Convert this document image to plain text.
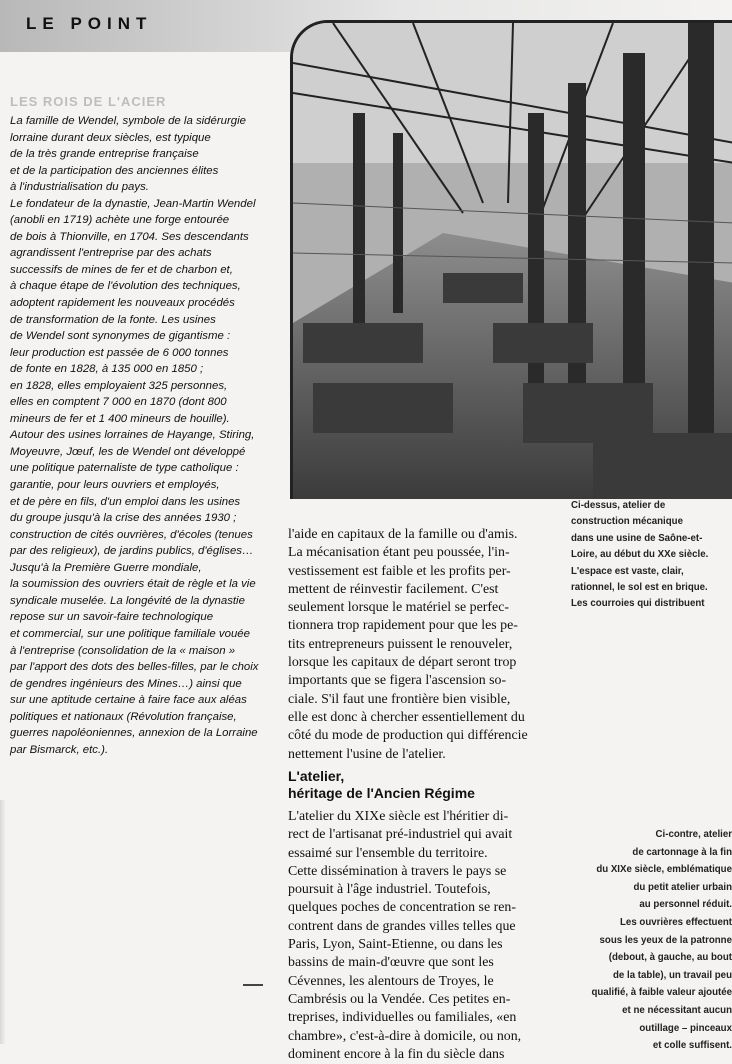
LE POINT
LES ROIS DE L'ACIER
La famille de Wendel, symbole de la sidérurgie
lorraine durant deux siècles, est typique
de la très grande entreprise française
et de la participation des anciennes élites
à l'industrialisation du pays.
Le fondateur de la dynastie, Jean-Martin Wendel
(anobli en 1719) achète une forge entourée
de bois à Thionville, en 1704. Ses descendants
agrandissent l'entreprise par des achats
successifs de mines de fer et de charbon et,
à chaque étape de l'évolution des techniques,
adoptent rapidement les nouveaux procédés
de transformation de la fonte. Les usines
de Wendel sont synonymes de gigantisme :
leur production est passée de 6 000 tonnes
de fonte en 1828, à 135 000 en 1850 ;
en 1828, elles employaient 325 personnes,
elles en comptent 7 000 en 1870 (dont 800
mineurs de fer et 1 400 mineurs de houille).
Autour des usines lorraines de Hayange, Stiring,
Moyeuvre, Jœuf, les de Wendel ont développé
une politique paternaliste de type catholique :
garantie, pour leurs ouvriers et employés,
et de père en fils, d'un emploi dans les usines
du groupe jusqu'à la crise des années 1930 ;
construction de cités ouvrières, d'écoles (tenues
par des religieux), de jardins publics, d'églises…
Jusqu'à la Première Guerre mondiale,
la soumission des ouvriers était de règle et la vie
syndicale muselée. La longévité de la dynastie
repose sur un savoir-faire technologique
et commercial, sur une politique familiale vouée
à l'entreprise (consolidation de la « maison »
par l'apport des dots des belles-filles, par le choix
de gendres ingénieurs des Mines…) ainsi que
sur une aptitude certaine à faire face aux aléas
politiques et nationaux (Révolution française,
guerres napoléoniennes, annexion de la Lorraine
par Bismarck, etc.).
Ci-dessus, atelier de
construction mécanique
dans une usine de Saône-et-
Loire, au début du XXe siècle.
L'espace est vaste, clair,
rationnel, le sol est en brique.
Les courroies qui distribuent
l'aide en capitaux de la famille ou d'amis.
La mécanisation étant peu poussée, l'in-
vestissement est faible et les profits per-
mettent de réinvestir facilement. C'est
seulement lorsque le matériel se perfec-
tionnera trop rapidement pour que les pe-
tits entrepreneurs puissent le renouveler,
lorsque les capitaux de départ seront trop
importants que se figera l'ascension so-
ciale. S'il faut une frontière bien visible,
elle est donc à chercher essentiellement du
côté du mode de production qui différencie
nettement l'usine de l'atelier.
L'atelier,
héritage de l'Ancien Régime
L'atelier du XIXe siècle est l'héritier di-
rect de l'artisanat pré-industriel qui avait
essaimé sur l'ensemble du territoire.
Cette dissémination à travers le pays se
poursuit à l'âge industriel. Toutefois,
quelques poches de concentration se ren-
contrent dans de grandes villes telles que
Paris, Lyon, Saint-Etienne, ou dans les
bassins de main-d'œuvre que sont les
Cévennes, les alentours de Troyes, le
Cambrésis ou la Vendée. Ces petites en-
treprises, individuelles ou familiales, «en
chambre», c'est-à-dire à domicile, ou non,
dominent encore à la fin du siècle dans
Ci-contre, atelier
de cartonnage à la fin
du XIXe siècle, emblématique
du petit atelier urbain
au personnel réduit.
Les ouvrières effectuent
sous les yeux de la patronne
(debout, à gauche, au bout
de la table), un travail peu
qualifié, à faible valeur ajoutée
et ne nécessitant aucun
outillage – pinceaux
et colle suffisent.
